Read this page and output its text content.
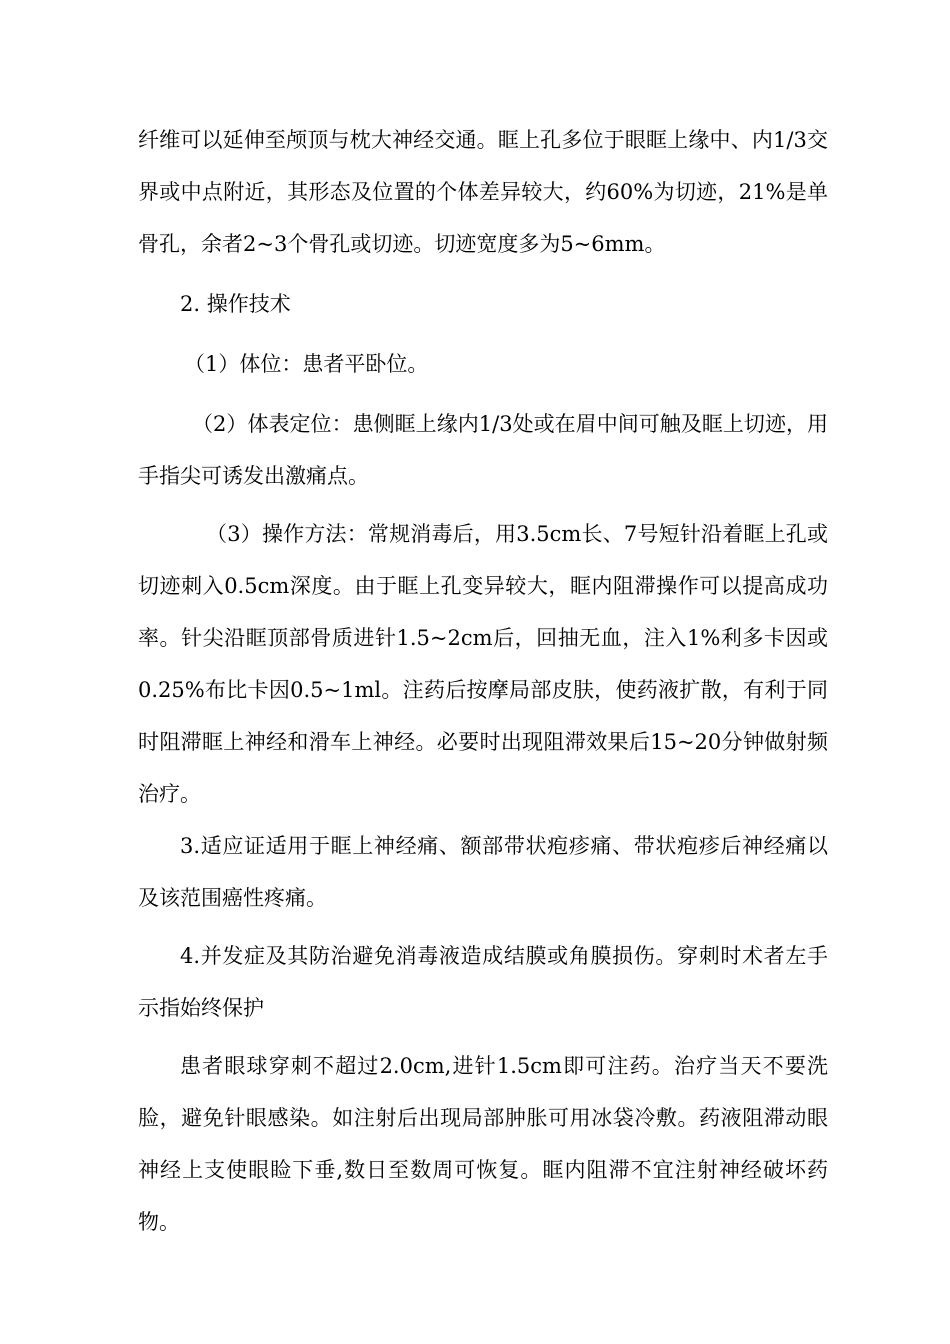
纤维可以延伸至颅顶与枕大神经交通。眶上孔多位于眼眶上缘中、内1/3交界或中点附近，其形态及位置的个体差异较大，约60%为切迹，21%是单骨孔，余者2~3个骨孔或切迹。切迹宽度多为5~6mm。

2. 操作技术

（1）体位：患者平卧位。

（2）体表定位：患侧眶上缘内1/3处或在眉中间可触及眶上切迹，用手指尖可诱发出激痛点。

（3）操作方法：常规消毒后，用3.5cm长、7号短针沿着眶上孔或切迹刺入0.5cm深度。由于眶上孔变异较大，眶内阻滞操作可以提高成功率。针尖沿眶顶部骨质进针1.5~2cm后，回抽无血，注入1%利多卡因或0.25%布比卡因0.5~1ml。注药后按摩局部皮肤，使药液扩散，有利于同时阻滞眶上神经和滑车上神经。必要时出现阻滞效果后15~20分钟做射频治疗。

3.适应证适用于眶上神经痛、额部带状疱疹痛、带状疱疹后神经痛以及该范围癌性疼痛。

4.并发症及其防治避免消毒液造成结膜或角膜损伤。穿刺时术者左手示指始终保护

患者眼球穿刺不超过2.0cm,进针1.5cm即可注药。治疗当天不要洗脸，避免针眼感染。如注射后出现局部肿胀可用冰袋冷敷。药液阻滞动眼神经上支使眼睑下垂,数日至数周可恢复。眶内阻滞不宜注射神经破坏药物。
